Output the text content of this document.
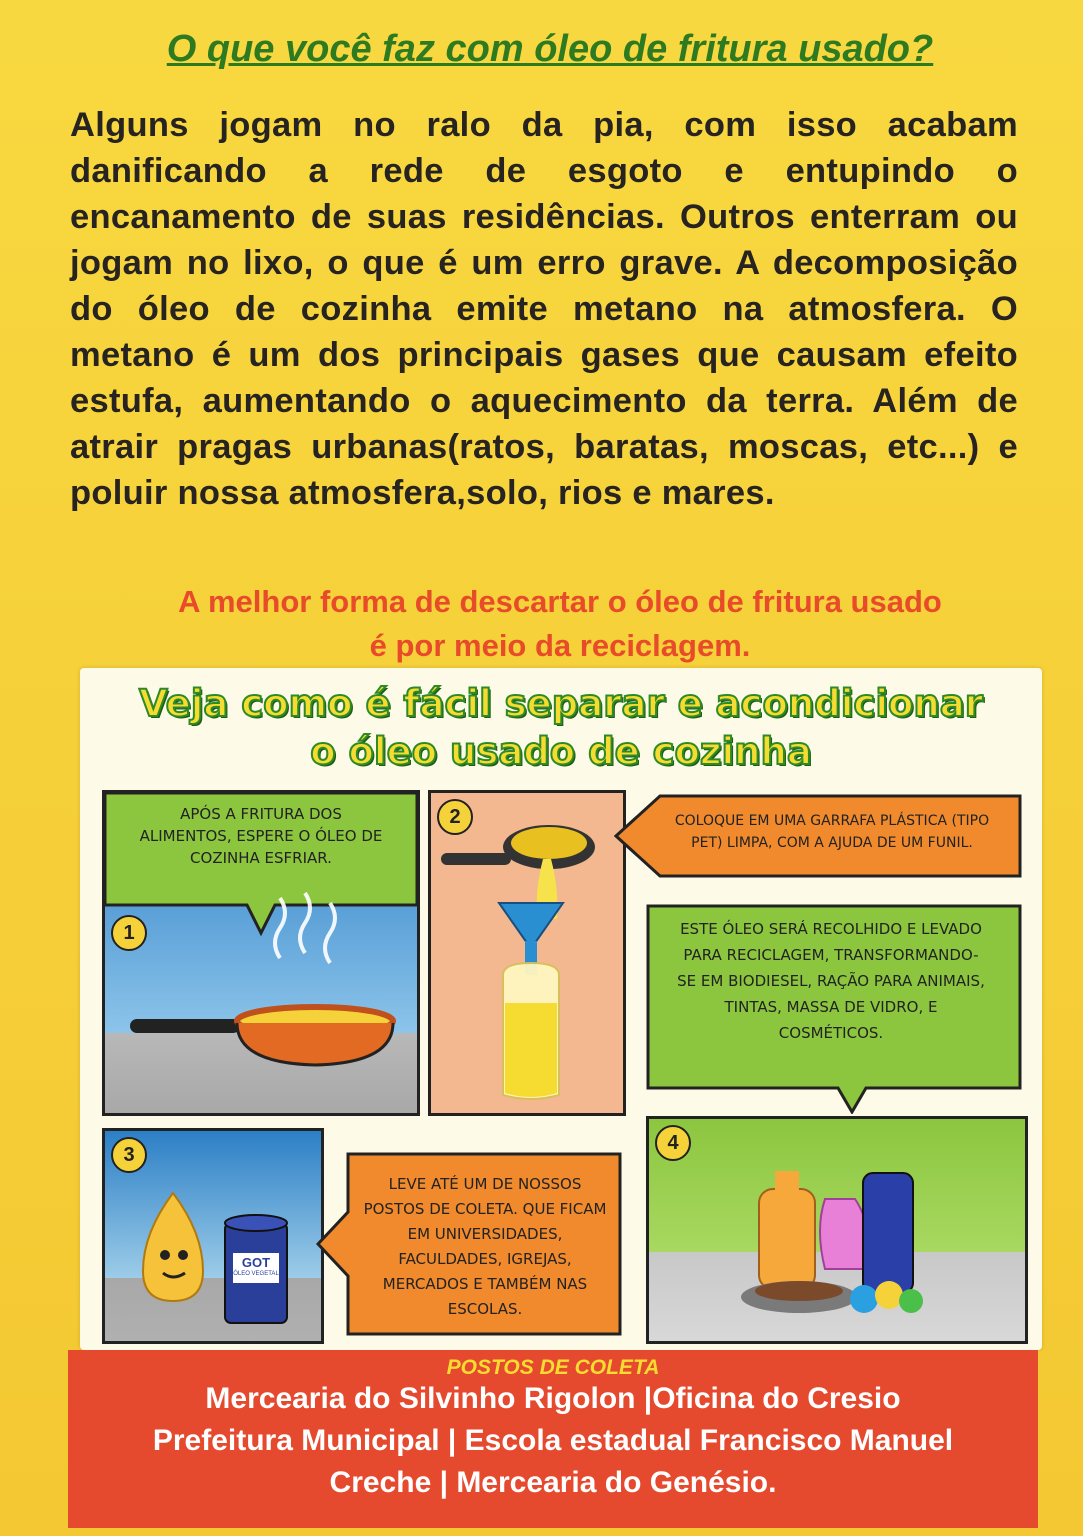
O que você faz com óleo de fritura usado?

Alguns jogam no ralo da pia, com isso acabam danificando a rede de esgoto e entupindo o encanamento de suas residências. Outros enterram ou jogam no lixo, o que é um erro grave. A decomposição do óleo de cozinha emite metano na atmosfera. O metano é um dos principais gases que causam efeito estufa, aumentando o aquecimento da terra. Além de atrair pragas urbanas(ratos, baratas, moscas, etc...) e poluir nossa atmosfera,solo, rios e mares.

A melhor forma de descartar o óleo de fritura usado
é por meio da reciclagem.
Veja como é fácil separar e acondicionar
o óleo usado de cozinha
1

APÓS A FRITURA DOS ALIMENTOS, ESPERE O ÓLEO DE COZINHA ESFRIAR.

2	COLOQUE EM UMA GARRAFA PLÁSTICA (TIPO PET) LIMPA, COM A AJUDA DE UM FUNIL.

ESTE ÓLEO SERÁ RECOLHIDO E LEVADO PARA RECICLAGEM, TRANSFORMANDO-SE EM BIODIESEL, RAÇÃO PARA ANIMAIS, TINTAS, MASSA DE VIDRO, E COSMÉTICOS.

GOT
ÓLEO VEGETAL
3

LEVE ATÉ UM DE NOSSOS POSTOS DE COLETA. QUE FICAM EM UNIVERSIDADES, FACULDADES, IGREJAS, MERCADOS E TAMBÉM NAS ESCOLAS.

4

POSTOS DE COLETA

Mercearia do Silvinho Rigolon |Oficina do Cresio

Prefeitura Municipal | Escola estadual Francisco Manuel

Creche | Mercearia do Genésio.
